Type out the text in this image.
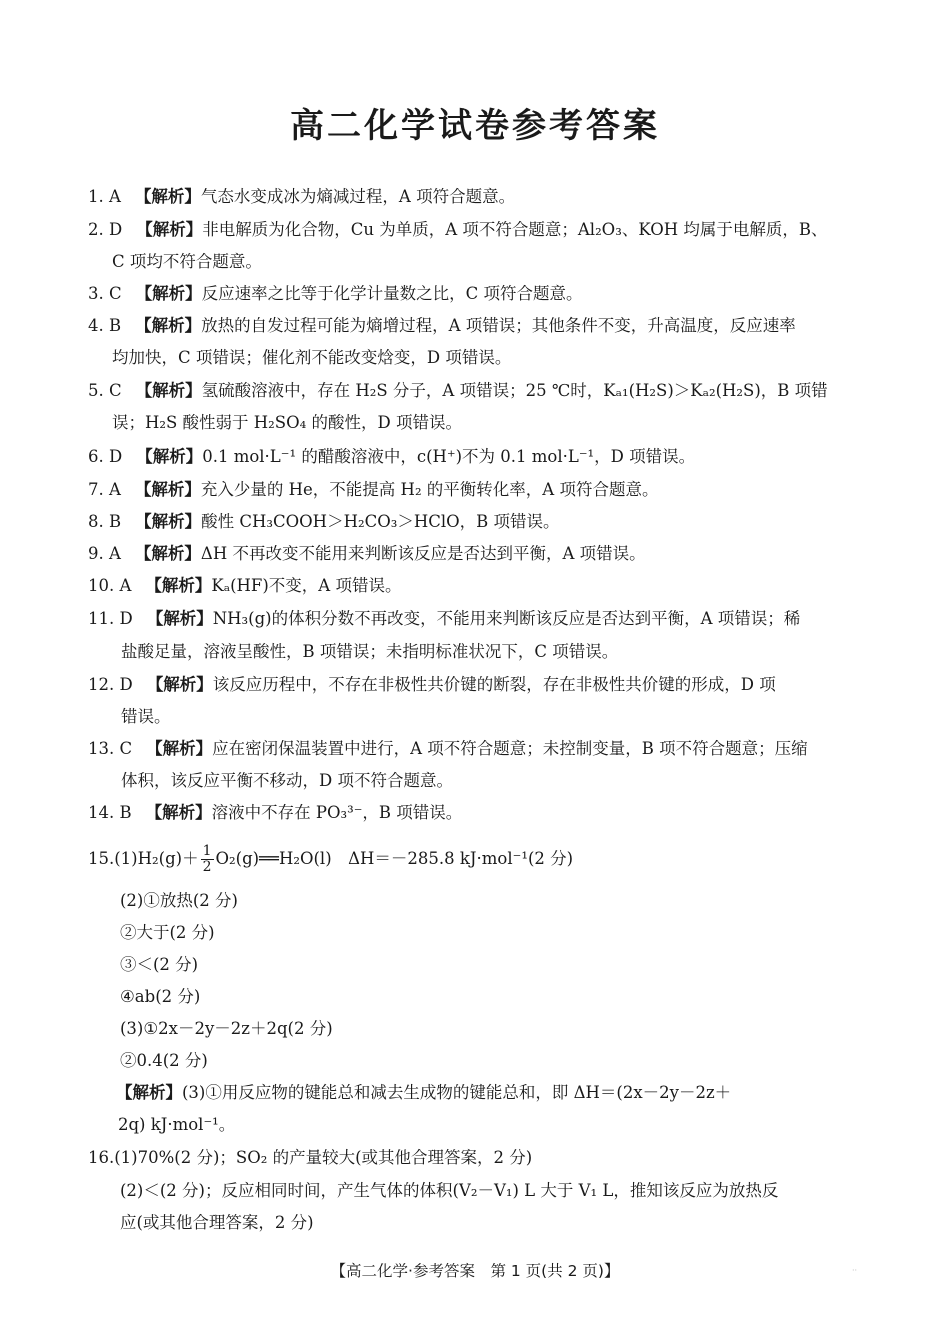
高二化学试卷参考答案
1. A 【解析】气态水变成冰为熵减过程，A 项符合题意。
2. D 【解析】非电解质为化合物，Cu 为单质，A 项不符合题意；Al₂O₃、KOH 均属于电解质，B、
C 项均不符合题意。
3. C 【解析】反应速率之比等于化学计量数之比，C 项符合题意。
4. B 【解析】放热的自发过程可能为熵增过程，A 项错误；其他条件不变，升高温度，反应速率
均加快，C 项错误；催化剂不能改变焓变，D 项错误。
5. C 【解析】氢硫酸溶液中，存在 H₂S 分子，A 项错误；25 ℃时，Kₐ₁(H₂S)＞Kₐ₂(H₂S)，B 项错
误；H₂S 酸性弱于 H₂SO₄ 的酸性，D 项错误。
6. D 【解析】0.1 mol·L⁻¹ 的醋酸溶液中，c(H⁺)不为 0.1 mol·L⁻¹，D 项错误。
7. A 【解析】充入少量的 He，不能提高 H₂ 的平衡转化率，A 项符合题意。
8. B 【解析】酸性 CH₃COOH＞H₂CO₃＞HClO，B 项错误。
9. A 【解析】ΔH 不再改变不能用来判断该反应是否达到平衡，A 项错误。
10. A 【解析】Kₐ(HF)不变，A 项错误。
11. D 【解析】NH₃(g)的体积分数不再改变，不能用来判断该反应是否达到平衡，A 项错误；稀
盐酸足量，溶液呈酸性，B 项错误；未指明标准状况下，C 项错误。
12. D 【解析】该反应历程中，不存在非极性共价键的断裂，存在非极性共价键的形成，D 项
错误。
13. C 【解析】应在密闭保温装置中进行，A 项不符合题意；未控制变量，B 项不符合题意；压缩
体积，该反应平衡不移动，D 项不符合题意。
14. B 【解析】溶液中不存在 PO₃³⁻，B 项错误。
$15.(1)H_2(g)+ \frac{1}{2}$ O₂(g)══H₂O(l)　ΔH＝－285.8 kJ·mol⁻¹(2 分)
(2)①放热(2 分)
②大于(2 分)
③＜(2 分)
④ab(2 分)
(3)①2x－2y－2z＋2q(2 分)
②0.4(2 分)
【解析】(3)①用反应物的键能总和减去生成物的键能总和，即 ΔH＝(2x－2y－2z＋
2q) kJ·mol⁻¹。
16.(1)70%(2 分)；SO₂ 的产量较大(或其他合理答案，2 分)
(2)＜(2 分)；反应相同时间，产生气体的体积(V₂－V₁) L 大于 V₁ L，推知该反应为放热反
应(或其他合理答案，2 分)
【高二化学·参考答案　第 1 页(共 2 页)】	··
